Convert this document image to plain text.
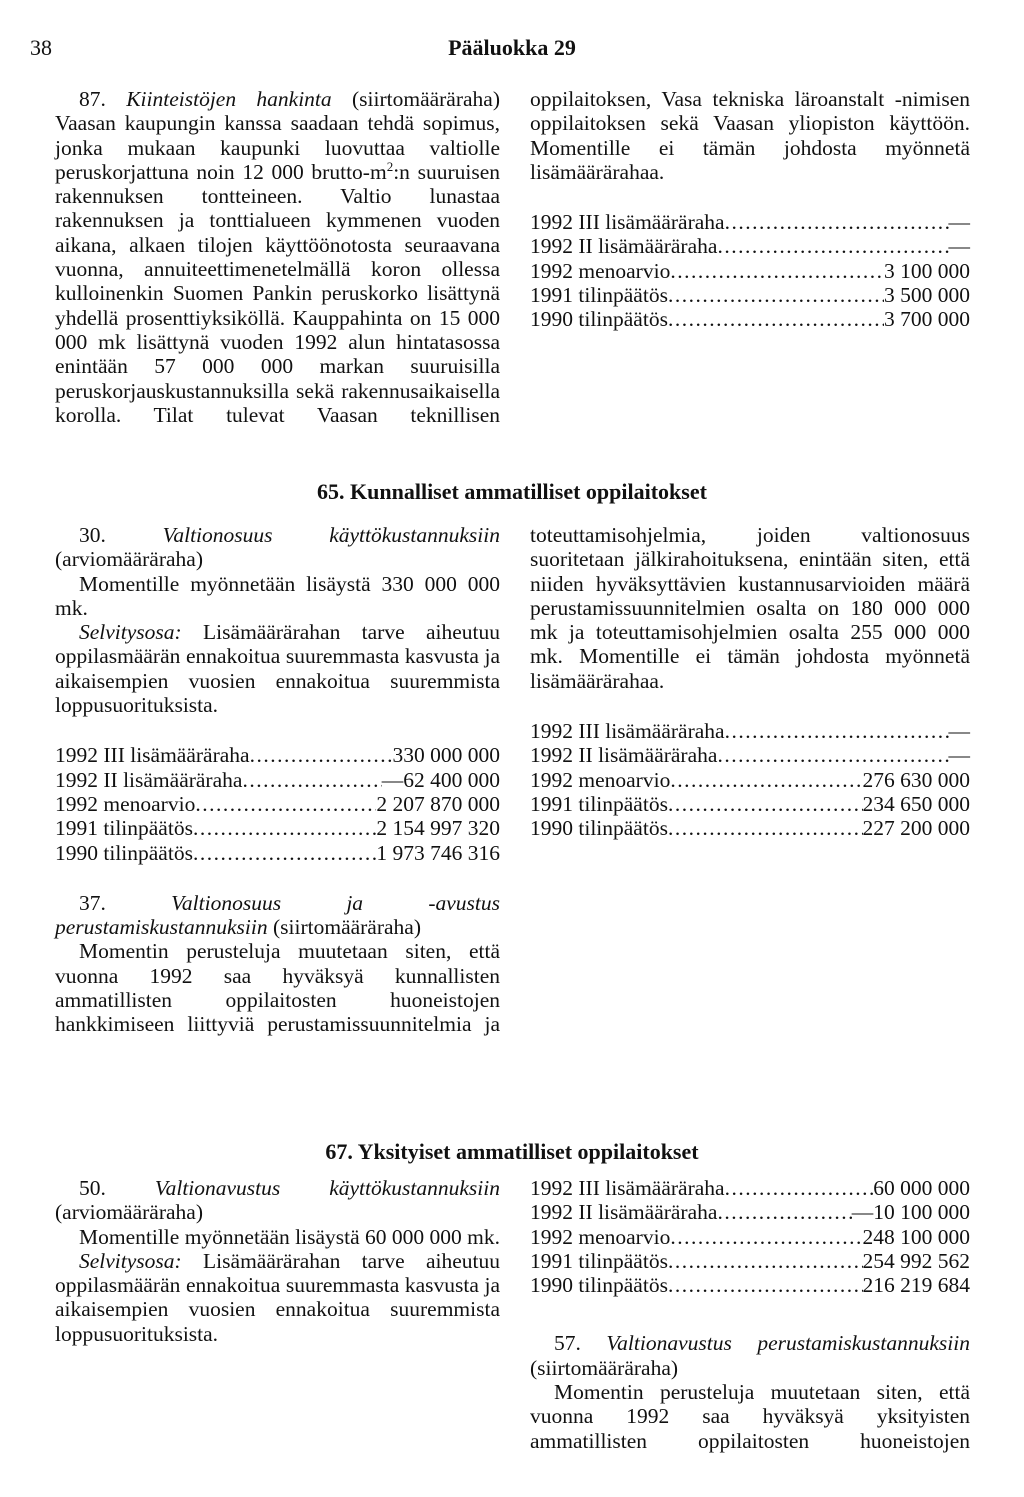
38	Pääluokka 29

87. Kiinteistöjen hankinta (siirtomääräraha) Vaasan kaupungin kanssa saadaan tehdä sopimus, jonka mukaan kaupunki luovuttaa valtiolle peruskorjattuna noin 12 000 brutto-$m^2:n$ suuruisen rakennuksen tontteineen. Valtio lunastaa rakennuksen ja tonttialueen kymmenen vuoden aikana, alkaen tilojen käyttöönotosta seuraavana vuonna, annuiteettimenetelmällä koron ollessa kulloinenkin Suomen Pankin peruskorko lisättynä yhdellä prosenttiyksiköllä. Kauppahinta on 15 000 000 mk lisättynä vuoden 1992 alun hintatasossa enintään 57 000 000 markan suuruisilla peruskorjauskustannuksilla sekä rakennusaikaisella korolla. Tilat tulevat Vaasan teknillisen

oppilaitoksen, Vasa tekniska läroanstalt -nimisen oppilaitoksen sekä Vaasan yliopiston käyttöön. Momentille ei tämän johdosta myönnetä lisämäärärahaa.

1992 III lisämääräraha .....	—
1992 II lisämääräraha .....	—
1992 menoarvio .....	3 100 000
1991 tilinpäätös .....	3 500 000
1990 tilinpäätös .....	3 700 000
65. Kunnalliset ammatilliset oppilaitokset

30.	Valtionosuus käyttökustannuksiin (arviomääräraha)

Momentille myönnetään lisäystä 330 000 000 mk.

Selvitysosa: Lisämäärärahan tarve aiheutuu oppilasmäärän ennakoitua suuremmasta kasvusta ja aikaisempien vuosien ennakoitua suuremmista loppusuorituksista.

1992 III lisämääräraha .....	330 000 000
1992 II lisämääräraha .....	—62 400 000
1992 menoarvio .....	2 207 870 000
1991 tilinpäätös .....	2 154 997 320
1990 tilinpäätös .....	1 973 746 316

37.	Valtionosuus ja -avustus perustamiskustannuksiin (siirtomääräraha)

Momentin perusteluja muutetaan siten, että vuonna 1992 saa hyväksyä kunnallisten ammatillisten oppilaitosten huoneistojen hankkimiseen liittyviä perustamissuunnitelmia ja

toteuttamisohjelmia, joiden valtionosuus suoritetaan jälkirahoituksena, enintään siten, että niiden hyväksyttävien kustannusarvioiden määrä perustamissuunnitelmien osalta on 180 000 000 mk ja toteuttamisohjelmien osalta 255 000 000 mk. Momentille ei tämän johdosta myönnetä lisämäärärahaa.

1992 III lisämääräraha .....	—
1992 II lisämääräraha .....	—
1992 menoarvio .....	276 630 000
1991 tilinpäätös .....	234 650 000
1990 tilinpäätös .....	227 200 000
67. Yksityiset ammatilliset oppilaitokset

50. Valtionavustus käyttökustannuksiin (arviomääräraha)

Momentille myönnetään lisäystä 60 000 000 mk.

Selvitysosa: Lisämäärärahan tarve aiheutuu oppilasmäärän ennakoitua suuremmasta kasvusta ja aikaisempien vuosien ennakoitua suuremmista loppusuorituksista.

1992 III lisämääräraha .....	60 000 000
1992 II lisämääräraha .....	—10 100 000
1992 menoarvio .....	248 100 000
1991 tilinpäätös .....	254 992 562
1990 tilinpäätös .....	216 219 684

57. Valtionavustus perustamiskustannuksiin (siirtomääräraha)

Momentin perusteluja muutetaan siten, että vuonna 1992 saa hyväksyä yksityisten ammatillisten oppilaitosten huoneistojen
